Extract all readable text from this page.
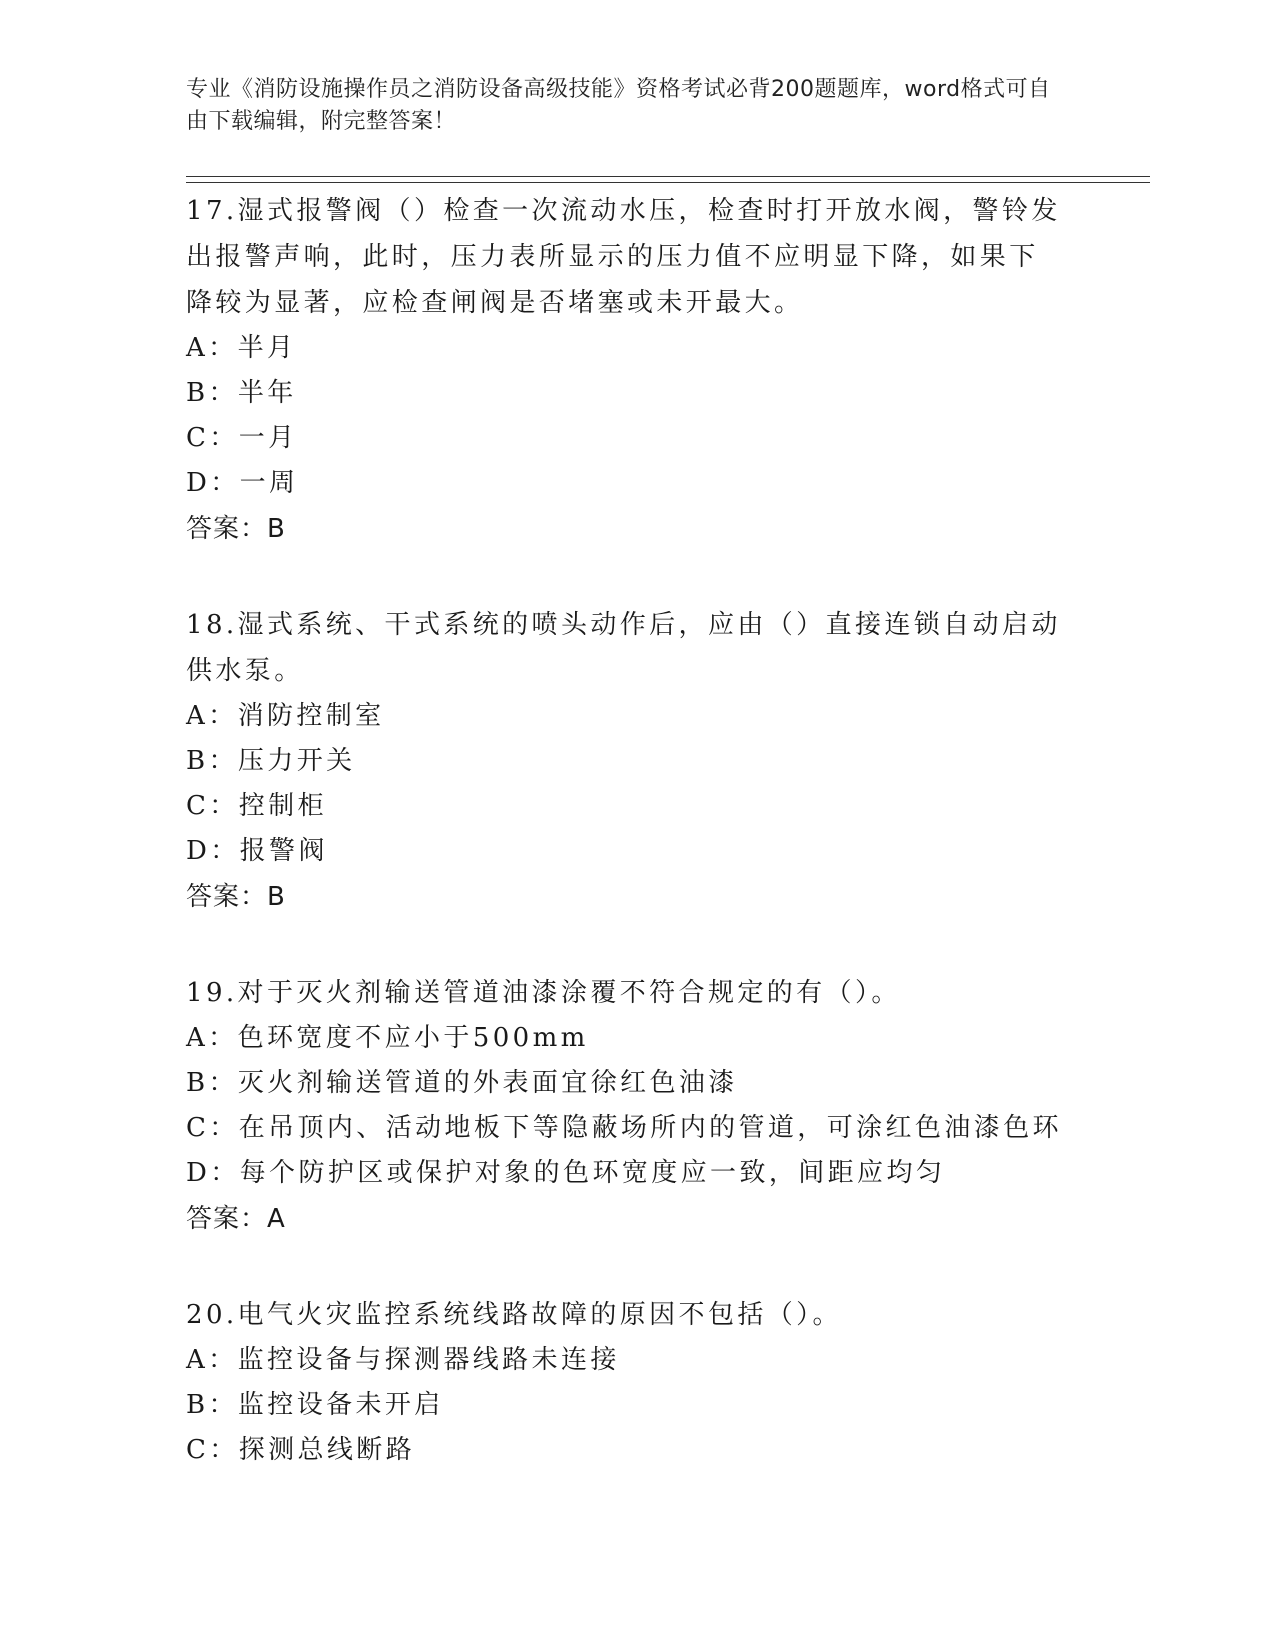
专业《消防设施操作员之消防设备高级技能》资格考试必背200题题库，word格式可自由下载编辑，附完整答案！

17.湿式报警阀（）检查一次流动水压，检查时打开放水阀，警铃发出报警声响，此时，压力表所显示的压力值不应明显下降，如果下降较为显著，应检查闸阀是否堵塞或未开最大。

A：半月

B：半年

C：一月

D：一周

答案：B

18.湿式系统、干式系统的喷头动作后，应由（）直接连锁自动启动供水泵。

A：消防控制室

B：压力开关

C：控制柜

D：报警阀

答案：B

19.对于灭火剂输送管道油漆涂覆不符合规定的有（）。

A：色环宽度不应小于500mm

B：灭火剂输送管道的外表面宜徐红色油漆

C：在吊顶内、活动地板下等隐蔽场所内的管道，可涂红色油漆色环

D：每个防护区或保护对象的色环宽度应一致，间距应均匀

答案：A

20.电气火灾监控系统线路故障的原因不包括（）。

A：监控设备与探测器线路未连接

B：监控设备未开启

C：探测总线断路
